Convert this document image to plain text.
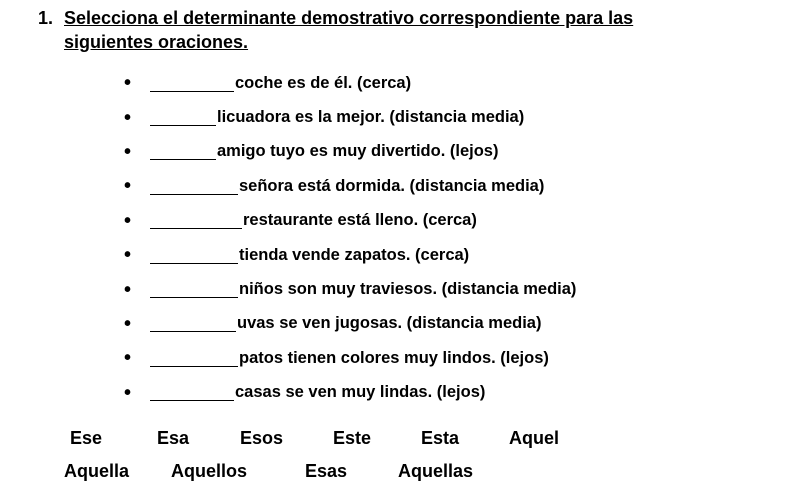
1. Selecciona el determinante demostrativo correspondiente para las siguientes oraciones.
•	coche es de él. (cerca)
•	licuadora es la mejor. (distancia media)
•	amigo tuyo es muy divertido. (lejos)
•	señora está dormida. (distancia media)
•	restaurante está lleno. (cerca)
•	tienda vende zapatos. (cerca)
•	niños son muy traviesos. (distancia media)
•	uvas se ven jugosas. (distancia media)
•	patos tienen colores muy lindos. (lejos)
•	casas se ven muy lindas. (lejos)
Ese	Esa	Esos	Este	Esta	Aquel
Aquella Aquellos	Esas	Aquellas
